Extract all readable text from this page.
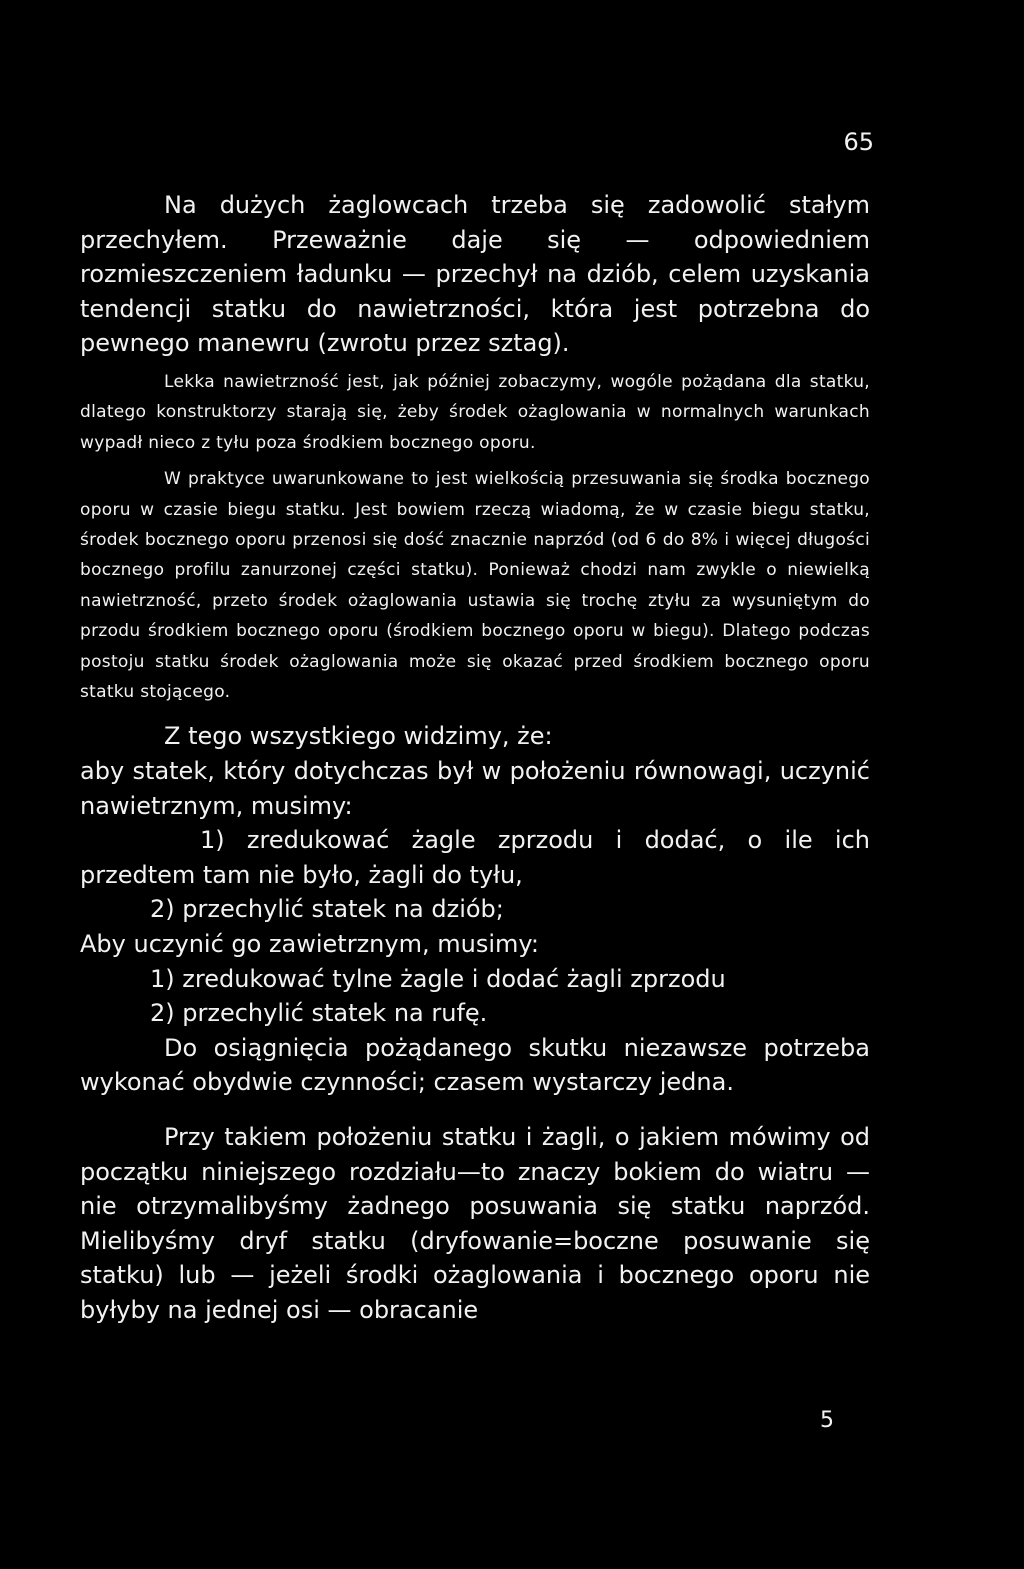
65

Na dużych żaglowcach trzeba się zadowolić stałym przechyłem. Przeważnie daje się — odpowiedniem rozmieszczeniem ładunku — przechył na dziób, celem uzyskania tendencji statku do nawietrzności, która jest potrzebna do pewnego manewru (zwrotu przez sztag).

Lekka nawietrzność jest, jak później zobaczymy, wogóle pożądana dla statku, dlatego konstruktorzy starają się, żeby środek ożaglowania w normalnych warunkach wypadł nieco z tyłu poza środkiem bocznego oporu.

W praktyce uwarunkowane to jest wielkością przesuwania się środka bocznego oporu w czasie biegu statku. Jest bowiem rzeczą wiadomą, że w czasie biegu statku, środek bocznego oporu przenosi się dość znacznie naprzód (od 6 do 8% i więcej długości bocznego profilu zanurzonej części statku). Ponieważ chodzi nam zwykle o niewielką nawietrzność, przeto środek ożaglowania ustawia się trochę ztyłu za wysuniętym do przodu środkiem bocznego oporu (środkiem bocznego oporu w biegu). Dlatego podczas postoju statku środek ożaglowania może się okazać przed środkiem bocznego oporu statku stojącego.

Z tego wszystkiego widzimy, że:

aby statek, który dotychczas był w położeniu równowagi, uczynić nawietrznym, musimy:

1) zredukować żagle zprzodu i dodać, o ile ich przedtem tam nie było, żagli do tyłu,

2) przechylić statek na dziób;

Aby uczynić go zawietrznym, musimy:

1) zredukować tylne żagle i dodać żagli zprzodu

2) przechylić statek na rufę.

Do osiągnięcia pożądanego skutku niezawsze potrzeba wykonać obydwie czynności; czasem wystarczy jedna.

Przy takiem położeniu statku i żagli, o jakiem mówimy od początku niniejszego rozdziału—to znaczy bokiem do wiatru — nie otrzymalibyśmy żadnego posuwania się statku naprzód. Mielibyśmy dryf statku (dryfowanie=boczne posuwanie się statku) lub — jeżeli środki ożaglowania i bocznego oporu nie byłyby na jednej osi — obracanie

5
